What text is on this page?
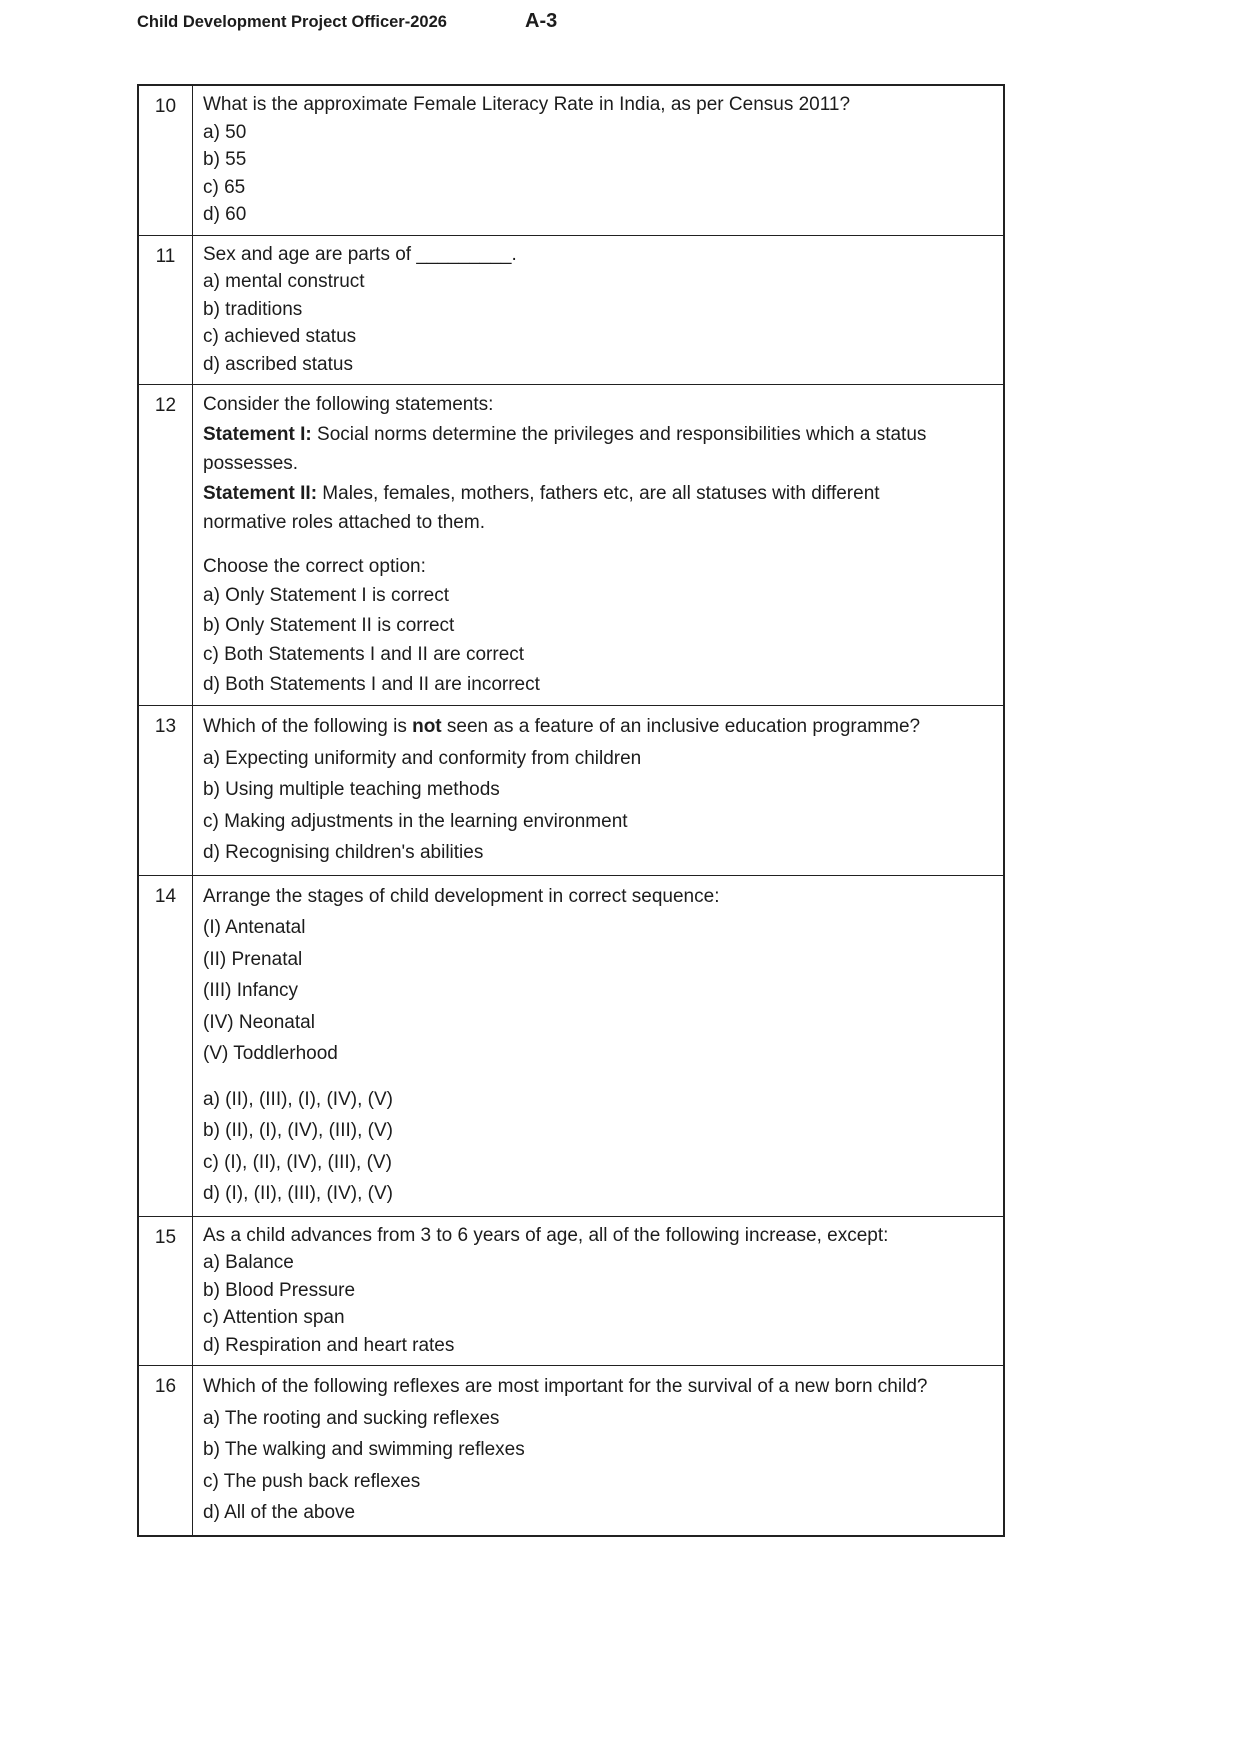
10	What is the approximate Female Literacy Rate in India, as per Census 2011?
a) 50
b) 55
c) 65
d) 60
11	Sex and age are parts of _________.
a) mental construct
b) traditions
c) achieved status
d) ascribed status
12	Consider the following statements:
Statement I: Social norms determine the privileges and responsibilities which a status
possesses.
Statement II: Males, females, mothers, fathers etc, are all statuses with different
normative roles attached to them.
Choose the correct option:
a) Only Statement I is correct
b) Only Statement II is correct
c) Both Statements I and II are correct
d) Both Statements I and II are incorrect
13	Which of the following is not seen as a feature of an inclusive education programme?
a) Expecting uniformity and conformity from children
b) Using multiple teaching methods
c) Making adjustments in the learning environment
d) Recognising children's abilities
14	Arrange the stages of child development in correct sequence:
(I) Antenatal
(II) Prenatal
(III) Infancy
(IV) Neonatal
(V) Toddlerhood
a) (II), (III), (I), (IV), (V)
b) (II), (I), (IV), (III), (V)
c) (I), (II), (IV), (III), (V)
d) (I), (II), (III), (IV), (V)
15	As a child advances from 3 to 6 years of age, all of the following increase, except:
a) Balance
b) Blood Pressure
c) Attention span
d) Respiration and heart rates
16	Which of the following reflexes are most important for the survival of a new born child?
a) The rooting and sucking reflexes
b) The walking and swimming reflexes
c) The push back reflexes
d) All of the above
Child Development Project Officer-2026	A-3
